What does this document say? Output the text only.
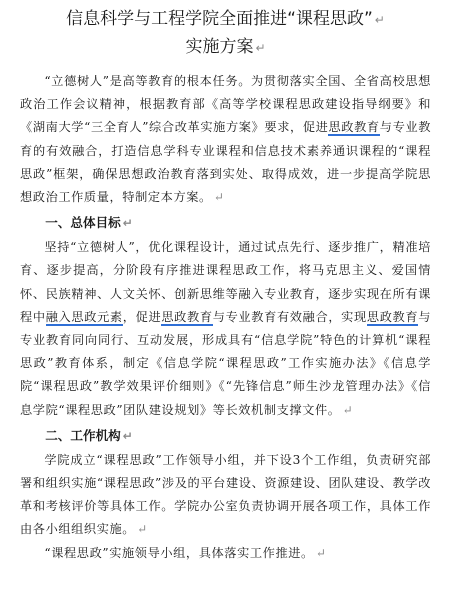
信息科学与工程学院全面推进“课程思政” ↵
实施方案 ↵

“立德树人”是高等教育的根本任务。为贯彻落实全国、全省高校思想政治工作会议精神，根据教育部《高等学校课程思政建设指导纲要》和《湖南大学“三全育人”综合改革实施方案》要求，促进思政教育与专业教育的有效融合，打造信息学科专业课程和信息技术素养通识课程的“课程思政”框架，确保思想政治教育落到实处、取得成效，进一步提高学院思想政治工作质量，特制定本方案。 ↵

一、总体目标 ↵

坚持“立德树人”，优化课程设计，通过试点先行、逐步推广，精准培育、逐步提高，分阶段有序推进课程思政工作，将马克思主义、爱国情怀、民族精神、人文关怀、创新思维等融入专业教育，逐步实现在所有课程中融入思政元素，促进思政教育与专业教育有效融合，实现思政教育与专业教育同向同行、互动发展，形成具有“信息学院”特色的计算机“课程思政”教育体系，制定《信息学院“课程思政”工作实施办法》《信息学院“课程思政”教学效果评价细则》《“先锋信息”师生沙龙管理办法》《信息学院“课程思政”团队建设规划》等长效机制支撑文件。 ↵

二、工作机构 ↵

学院成立“课程思政”工作领导小组，并下设3个工作组，负责研究部署和组织实施“课程思政”涉及的平台建设、资源建设、团队建设、教学改革和考核评价等具体工作。学院办公室负责协调开展各项工作，具体工作由各小组组织实施。 ↵

“课程思政”实施领导小组，具体落实工作推进。 ↵
